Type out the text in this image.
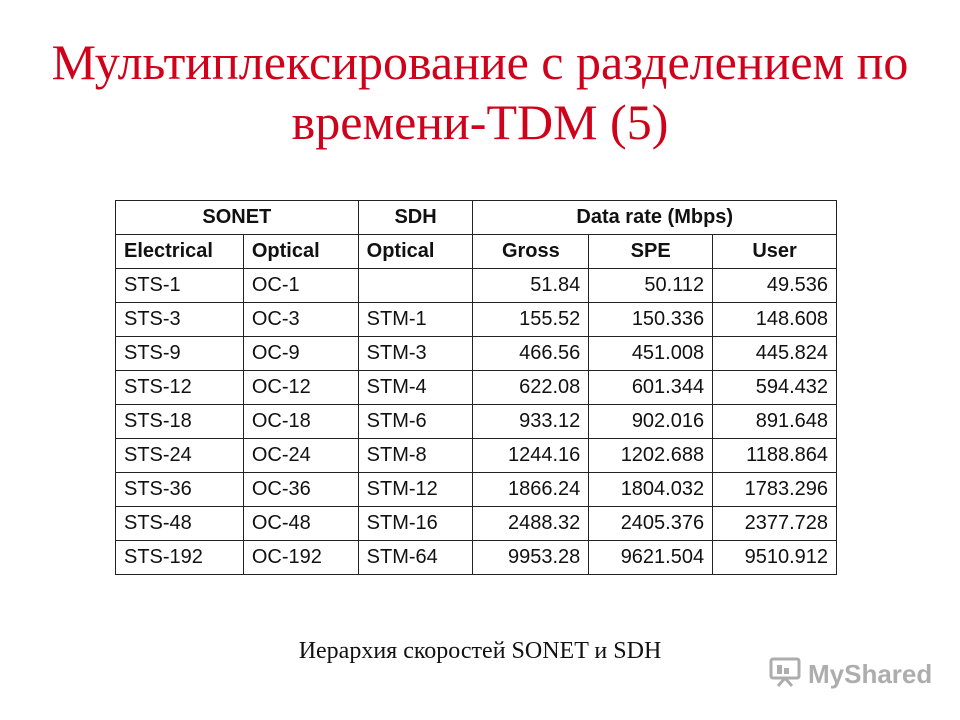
Мультиплексирование с разделением по
времени-TDM (5)
SONET		SDH	Data rate (Mbps)		
Electrical	Optical	Optical	Gross	SPE	User
STS-1	OC-1		51.84	50.112	49.536
STS-3	OC-3	STM-1	155.52	150.336	148.608
STS-9	OC-9	STM-3	466.56	451.008	445.824
STS-12	OC-12	STM-4	622.08	601.344	594.432
STS-18	OC-18	STM-6	933.12	902.016	891.648
STS-24	OC-24	STM-8	1244.16	1202.688	1188.864
STS-36	OC-36	STM-12	1866.24	1804.032	1783.296
STS-48	OC-48	STM-16	2488.32	2405.376	2377.728
STS-192	OC-192	STM-64	9953.28	9621.504	9510.912
Иерархия скоростей SONET и SDH
MyShared
